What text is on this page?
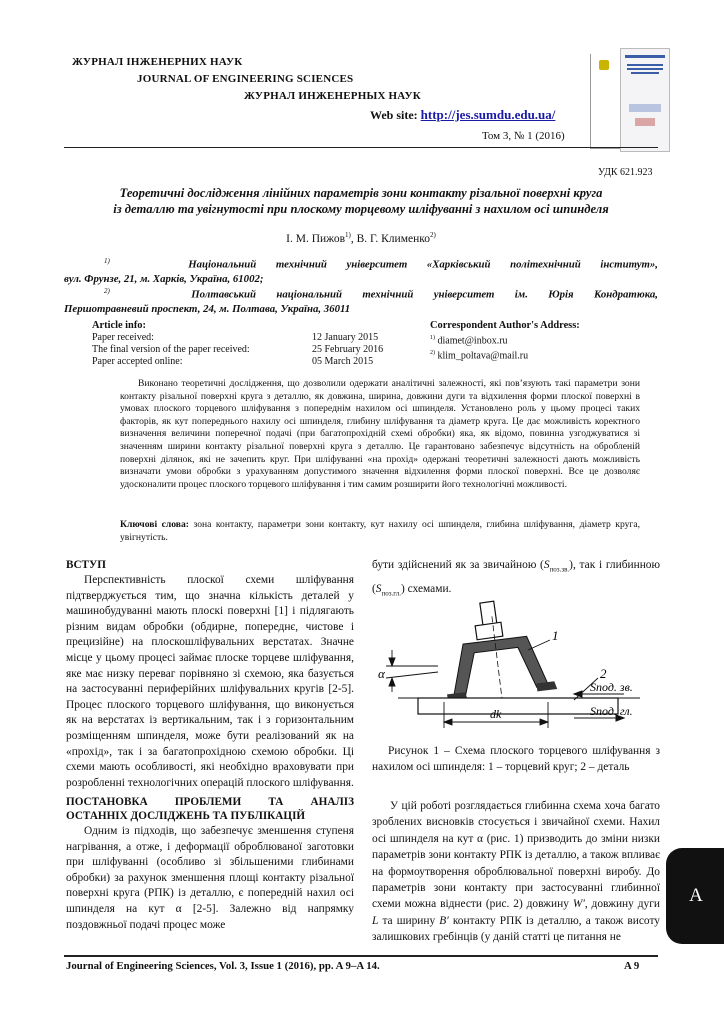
ЖУРНАЛ ІНЖЕНЕРНИХ НАУК
JOURNAL OF ENGINEERING SCIENCES
ЖУРНАЛ ИНЖЕНЕРНЫХ НАУК
Web site: http://jes.sumdu.edu.ua/
Том 3, № 1 (2016)
УДК 621.923
Теоретичні дослідження лінійних параметрів зони контакту різальної поверхні круга
із деталлю та увігнутості при плоскому торцевому шліфуванні з нахилом осі шпинделя
І. М. Пижов$^{1)}$, В. Г. Клименко$^{2)}$
$^{1)}$	Національний технічний університет «Харківський політехнічний інститут»,
вул. Фрунзе, 21, м. Харків, Україна, 61002;
$^{2)}$	Полтавський національний технічний університет ім. Юрія Кондратюка,
Першотравневий проспект, 24, м. Полтава, Україна, 36011
Article info:
Paper received:	12 January 2015
The final version of the paper received:	25 February 2016
Paper accepted online:	05 March 2015
Correspondent Author's Address:
$^{1)}$ diamet@inbox.ru
$^{2)}$ klim_poltava@mail.ru
Виконано теоретичні дослідження, що дозволили одержати аналітичні залежності, які пов’язують такі параметри зони контакту різальної поверхні круга з деталлю, як довжина, ширина, довжини дуги та відхилення форми плоскої поверхні в умовах плоского торцевого шліфування з попереднім нахилом осі шпинделя. Установлено роль у цьому процесі таких факторів, як кут попереднього нахилу осі шпинделя, глибину шліфування та діаметр круга. Це дає можливість коректного визначення величини поперечної подачі (при багатопрохідній схемі обробки) яка, як відомо, повинна узгоджуватися зі значенням ширини контакту різальної поверхні круга з деталлю. Це гарантовано забезпечує відсутність на обробленій поверхні ділянок, які не зачепить круг. При шліфуванні «на прохід» одержані теоретичні залежності дають можливість визначати умови обробки з урахуванням допустимого значення відхилення форми плоскої поверхні. Все це дозволяє удосконалити процес плоского торцевого шліфування і тим самим розширити його технологічні можливості.
Ключові слова: зона контакту, параметри зони контакту, кут нахилу осі шпинделя, глибина шліфування, діаметр круга, увігнутість.
ВСТУП
Перспективність плоскої схеми шліфування підтверджується тим, що значна кількість деталей у машинобудуванні мають плоскі поверхні [1] і підлягають різним видам обробки (обдирне, попереднє, чистове і прецизійне) на плоскошліфувальних верстатах. Значне місце у цьому процесі займає плоске торцеве шліфування, яке має низку переваг порівняно зі схемою, яка базується на застосуванні периферійних шліфувальних кругів [2-5]. Процес плоского торцевого шліфування, що виконується як на верстатах із вертикальним, так і з горизонтальним розміщенням шпинделя, може бути реалізований як на «прохід», так і за багатопрохідною схемою обробки. Ці схеми мають особливості, які необхідно враховувати при розробленні технологічних операцій плоского шліфування.
ПОСТАНОВКА ПРОБЛЕМИ ТА АНАЛІЗ
ОСТАННІХ ДОСЛІДЖЕНЬ ТА ПУБЛІКАЦІЙ
Одним із підходів, що забезпечує зменшення ступеня нагрівання, а отже, і деформації оброблюваної заготовки при шліфуванні (особливо зі збільшеними глибинами обробки) за рахунок зменшення площі контакту різальної поверхні круга (РПК) із деталлю, є попередній нахил осі шпинделя на кут α [2-5]. Залежно від напрямку поздовжньої подачі процес може
бути здійснений як за звичайною $(S_{поз.зв.})$, так і глибинною $(S_{поз.гл.})$ схемами.
α
1
2
dk
Sпод. зв.
Sпод. гл.
Рисунок 1 – Схема плоского торцевого шліфування з нахилом осі шпинделя: 1 – торцевий круг; 2 – деталь
У цій роботі розглядається глибинна схема хоча багато зроблених висновків стосується і звичайної схеми. Нахил осі шпинделя на кут α (рис. 1) призводить до зміни низки параметрів зони контакту РПК із деталлю, а також впливає на формоутворення оброблювальної поверхні виробу. До параметрів зони контакту при застосуванні глибинної схеми можна віднести (рис. 2) довжину W′, довжину дуги L та ширину B′ контакту РПК із деталлю, а також висоту залишкових гребінців (у даній статті це питання не
Journal of Engineering Sciences, Vol. 3, Issue 1 (2016), pp. A 9–A 14.	A 9
A
